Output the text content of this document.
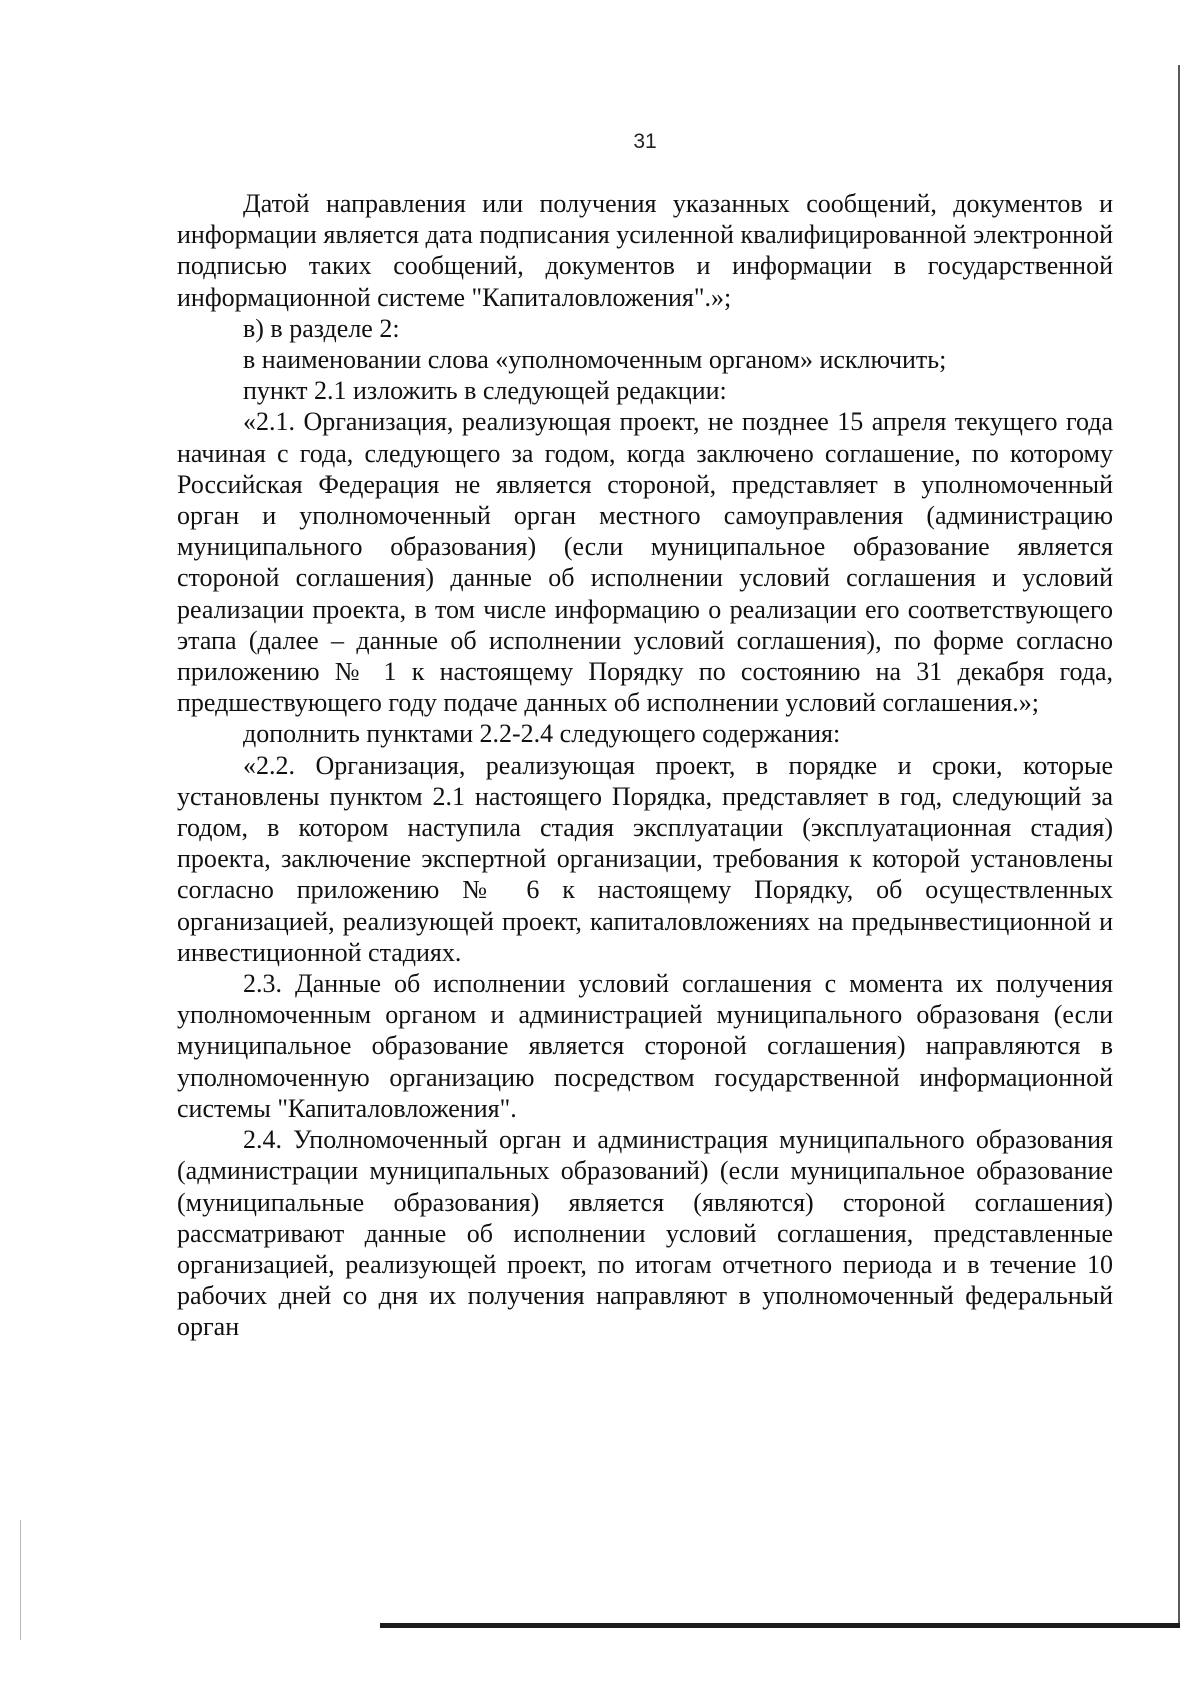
31

Датой направления или получения указанных сообщений, документов и информации является дата подписания усиленной квалифицированной электронной подписью таких сообщений, документов и информации в государственной информационной системе "Капиталовложения".»;

в) в разделе 2:

в наименовании слова «уполномоченным органом» исключить;

пункт 2.1 изложить в следующей редакции:

«2.1. Организация, реализующая проект, не позднее 15 апреля текущего года начиная с года, следующего за годом, когда заключено соглашение, по которому Российская Федерация не является стороной, представляет в уполномоченный орган и уполномоченный орган местного самоуправления (администрацию муниципального образования) (если муниципальное образование является стороной соглашения) данные об исполнении условий соглашения и условий реализации проекта, в том числе информацию о реализации его соответствующего этапа (далее – данные об исполнении условий соглашения), по форме согласно приложению № 1 к настоящему Порядку по состоянию на 31 декабря года, предшествующего году подаче данных об исполнении условий соглашения.»;

дополнить пунктами 2.2-2.4 следующего содержания:

«2.2. Организация, реализующая проект, в порядке и сроки, которые установлены пунктом 2.1 настоящего Порядка, представляет в год, следующий за годом, в котором наступила стадия эксплуатации (эксплуатационная стадия) проекта, заключение экспертной организации, требования к которой установлены согласно приложению № 6 к настоящему Порядку, об осуществленных организацией, реализующей проект, капиталовложениях на предынвестиционной и инвестиционной стадиях.

2.3. Данные об исполнении условий соглашения с момента их получения уполномоченным органом и администрацией муниципального образованя (если муниципальное образование является стороной соглашения) направляются в уполномоченную организацию посредством государственной информационной системы "Капиталовложения".

2.4. Уполномоченный орган и администрация муниципального образования (администрации муниципальных образований) (если муниципальное образование (муниципальные образования) является (являются) стороной соглашения) рассматривают данные об исполнении условий соглашения, представленные организацией, реализующей проект, по итогам отчетного периода и в течение 10 рабочих дней со дня их получения направляют в уполномоченный федеральный орган
